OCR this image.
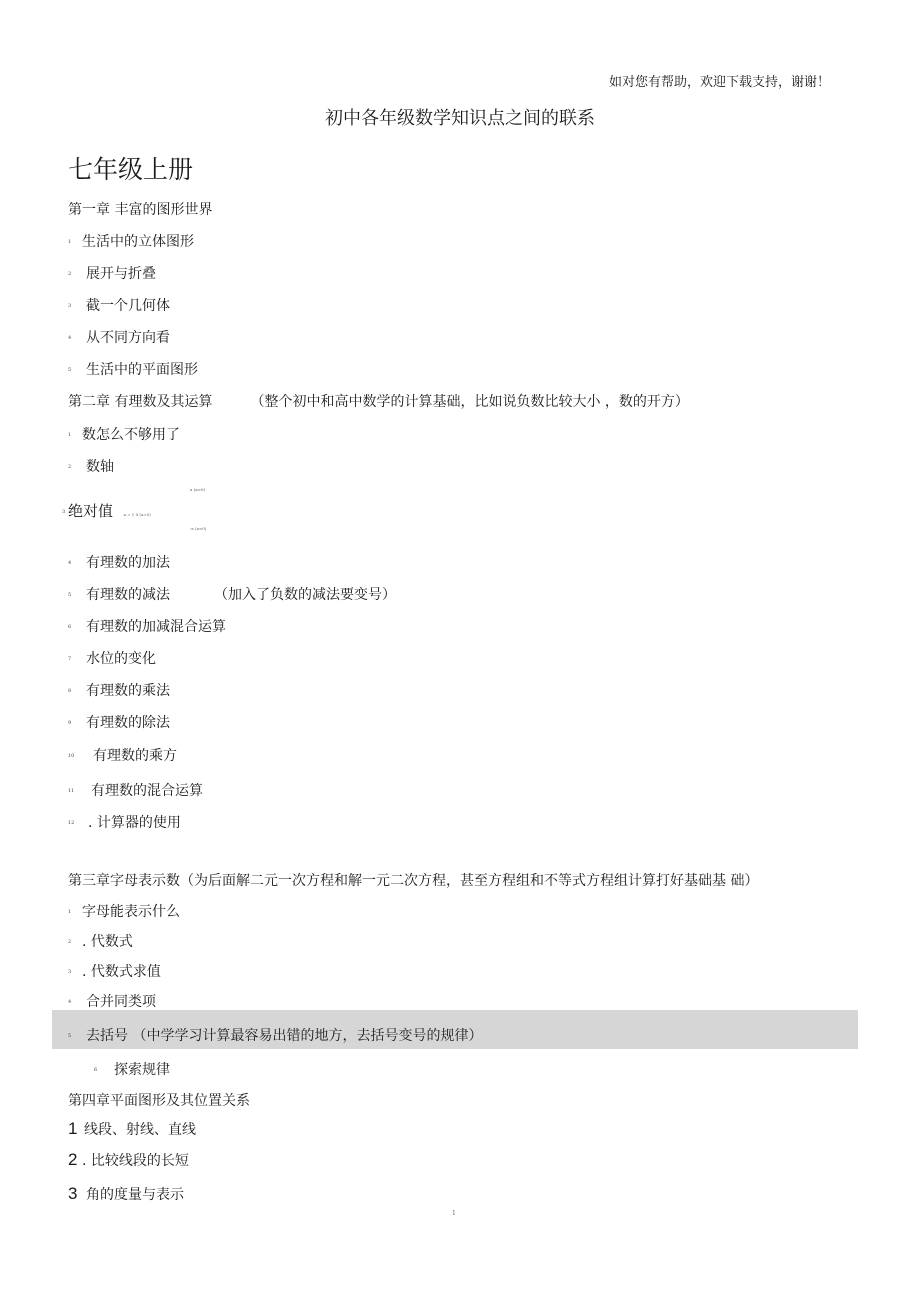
如对您有帮助，欢迎下载支持，谢谢！
初中各年级数学知识点之间的联系
七年级上册
第一章 丰富的图形世界
1 生活中的立体图形
2 展开与折叠
3 截一个几何体
4 从不同方向看
5 生活中的平面图形
第二章 有理数及其运算	（整个初中和高中数学的计算基础，比如说负数比较大小 ，数的开方）
1 数怎么不够用了
2 数轴
a (a>0)
3 绝对值	a = { 0 (a=0)
-a (a<0)
4 有理数的加法
5 有理数的减法	（加入了负数的减法要变号）
6 有理数的加减混合运算
7 水位的变化
8 有理数的乘法
9 有理数的除法
10 有理数的乘方
11 有理数的混合运算
12 . 计算器的使用
第三章字母表示数（为后面解二元一次方程和解一元二次方程，甚至方程组和不等式方程组计算打好基础基 础）
1 字母能表示什么
2 . 代数式
3 . 代数式求值
4 合并同类项
5 去括号 （中学学习计算最容易出错的地方，去括号变号的规律）
6 探索规律
第四章平面图形及其位置关系
1 线段、射线、直线
2 . 比较线段的长短
3 角的度量与表示
1
